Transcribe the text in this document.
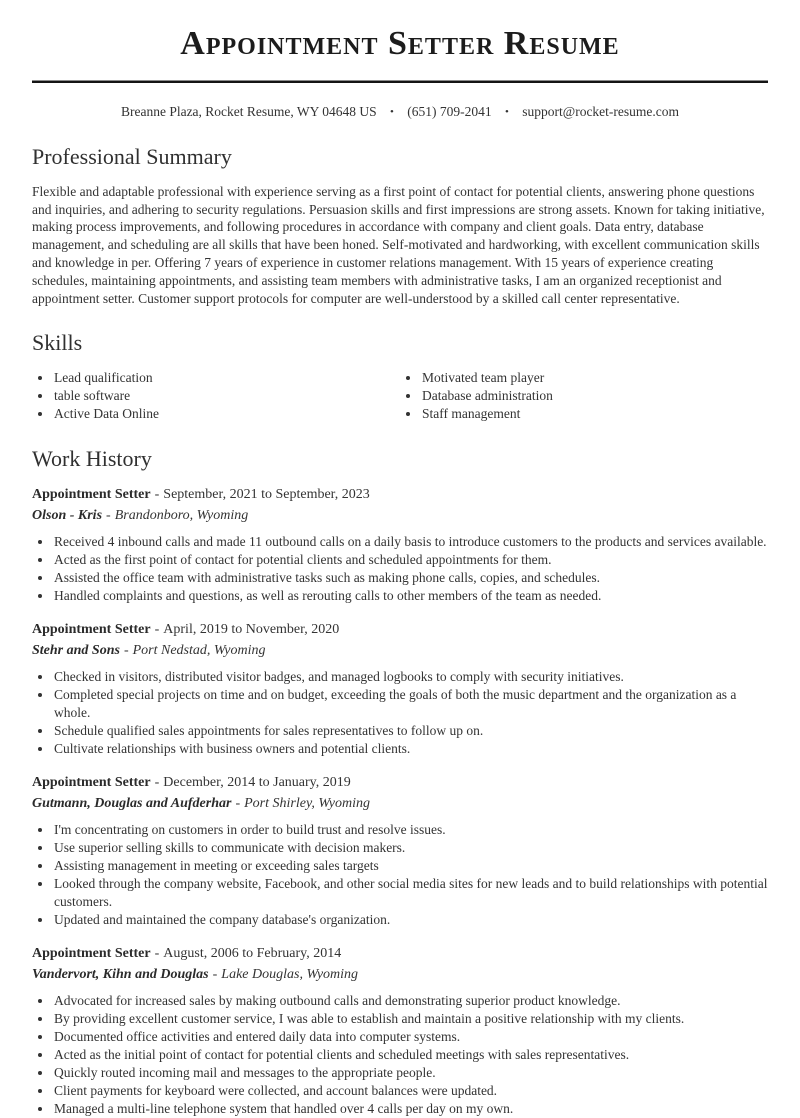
Appointment Setter Resume
Breanne Plaza, Rocket Resume, WY 04648 US • (651) 709-2041 • support@rocket-resume.com
Professional Summary

Flexible and adaptable professional with experience serving as a first point of contact for potential clients, answering phone questions and inquiries, and adhering to security regulations. Persuasion skills and first impressions are strong assets. Known for taking initiative, making process improvements, and following procedures in accordance with company and client goals. Data entry, database management, and scheduling are all skills that have been honed. Self-motivated and hardworking, with excellent communication skills and knowledge in per. Offering 7 years of experience in customer relations management. With 15 years of experience creating schedules, maintaining appointments, and assisting team members with administrative tasks, I am an organized receptionist and appointment setter. Customer support protocols for computer are well-understood by a skilled call center representative.

Skills
• Lead qualification
• table software
• Active Data Online
• Motivated team player
• Database administration
• Staff management
Work History

Appointment Setter - September, 2021 to September, 2023

Olson - Kris - Brandonboro, Wyoming

• Received 4 inbound calls and made 11 outbound calls on a daily basis to introduce customers to the products and services available.
• Acted as the first point of contact for potential clients and scheduled appointments for them.
• Assisted the office team with administrative tasks such as making phone calls, copies, and schedules.
• Handled complaints and questions, as well as rerouting calls to other members of the team as needed.

Appointment Setter - April, 2019 to November, 2020

Stehr and Sons - Port Nedstad, Wyoming

• Checked in visitors, distributed visitor badges, and managed logbooks to comply with security initiatives.
• Completed special projects on time and on budget, exceeding the goals of both the music department and the organization as a whole.
• Schedule qualified sales appointments for sales representatives to follow up on.
• Cultivate relationships with business owners and potential clients.

Appointment Setter - December, 2014 to January, 2019

Gutmann, Douglas and Aufderhar - Port Shirley, Wyoming

• I'm concentrating on customers in order to build trust and resolve issues.
• Use superior selling skills to communicate with decision makers.
• Assisting management in meeting or exceeding sales targets
• Looked through the company website, Facebook, and other social media sites for new leads and to build relationships with potential customers.
• Updated and maintained the company database's organization.

Appointment Setter - August, 2006 to February, 2014

Vandervort, Kihn and Douglas - Lake Douglas, Wyoming

• Advocated for increased sales by making outbound calls and demonstrating superior product knowledge.
• By providing excellent customer service, I was able to establish and maintain a positive relationship with my clients.
• Documented office activities and entered daily data into computer systems.
• Acted as the initial point of contact for potential clients and scheduled meetings with sales representatives.
• Quickly routed incoming mail and messages to the appropriate people.
• Client payments for keyboard were collected, and account balances were updated.
• Managed a multi-line telephone system that handled over 4 calls per day on my own.
